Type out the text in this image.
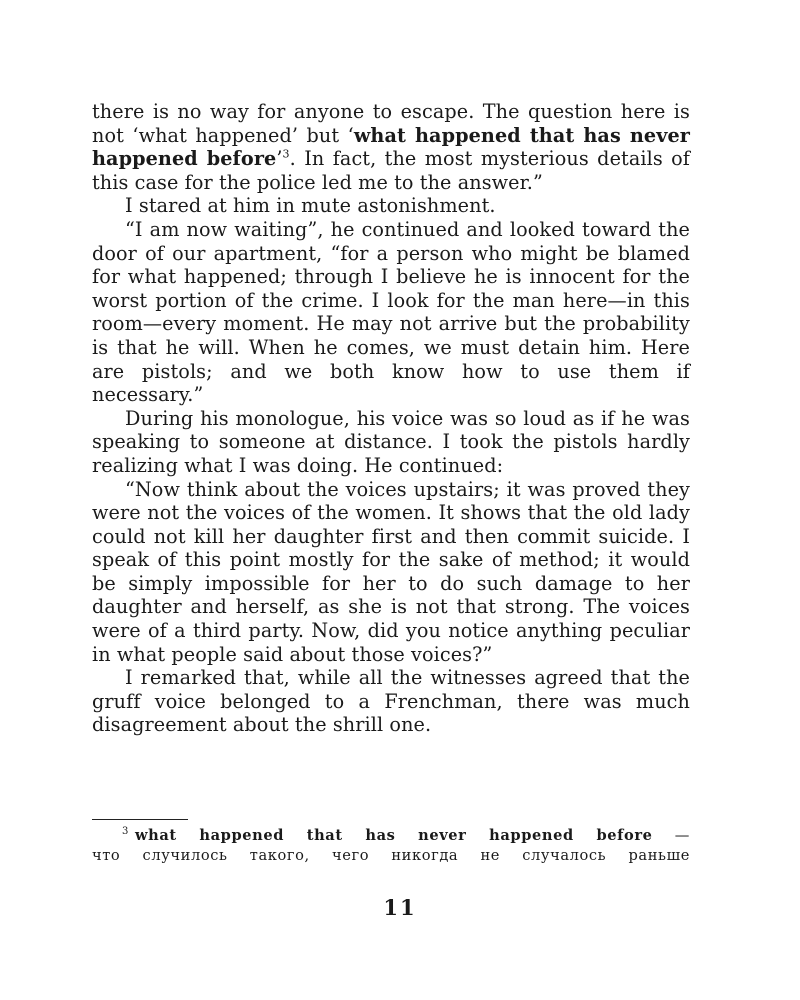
there is no way for anyone to escape. The question here is not ‘what happened’ but ‘what happened that has never happened before’$^3$. In fact, the most mysterious details of this case for the police led me to the answer.”

I stared at him in mute astonishment.

“I am now waiting”, he continued and looked toward the door of our apartment, “for a person who might be blamed for what happened; through I believe he is innocent for the worst portion of the crime. I look for the man here—in this room—every moment. He may not arrive but the probability is that he will. When he comes, we must detain him. Here are pistols; and we both know how to use them if necessary.”

During his monologue, his voice was so loud as if he was speaking to someone at distance. I took the pistols hardly realizing what I was doing. He continued:

“Now think about the voices upstairs; it was proved they were not the voices of the women. It shows that the old lady could not kill her daughter first and then commit suicide. I speak of this point mostly for the sake of method; it would be simply impossible for her to do such damage to her daughter and herself, as she is not that strong. The voices were of a third party. Now, did you notice anything peculiar in what people said about those voices?”

I remarked that, while all the witnesses agreed that the gruff voice belonged to a Frenchman, there was much disagreement about the shrill one.

$^3$ what happened that has never happened before —
что случилось такого, чего никогда не случалось раньше
11
